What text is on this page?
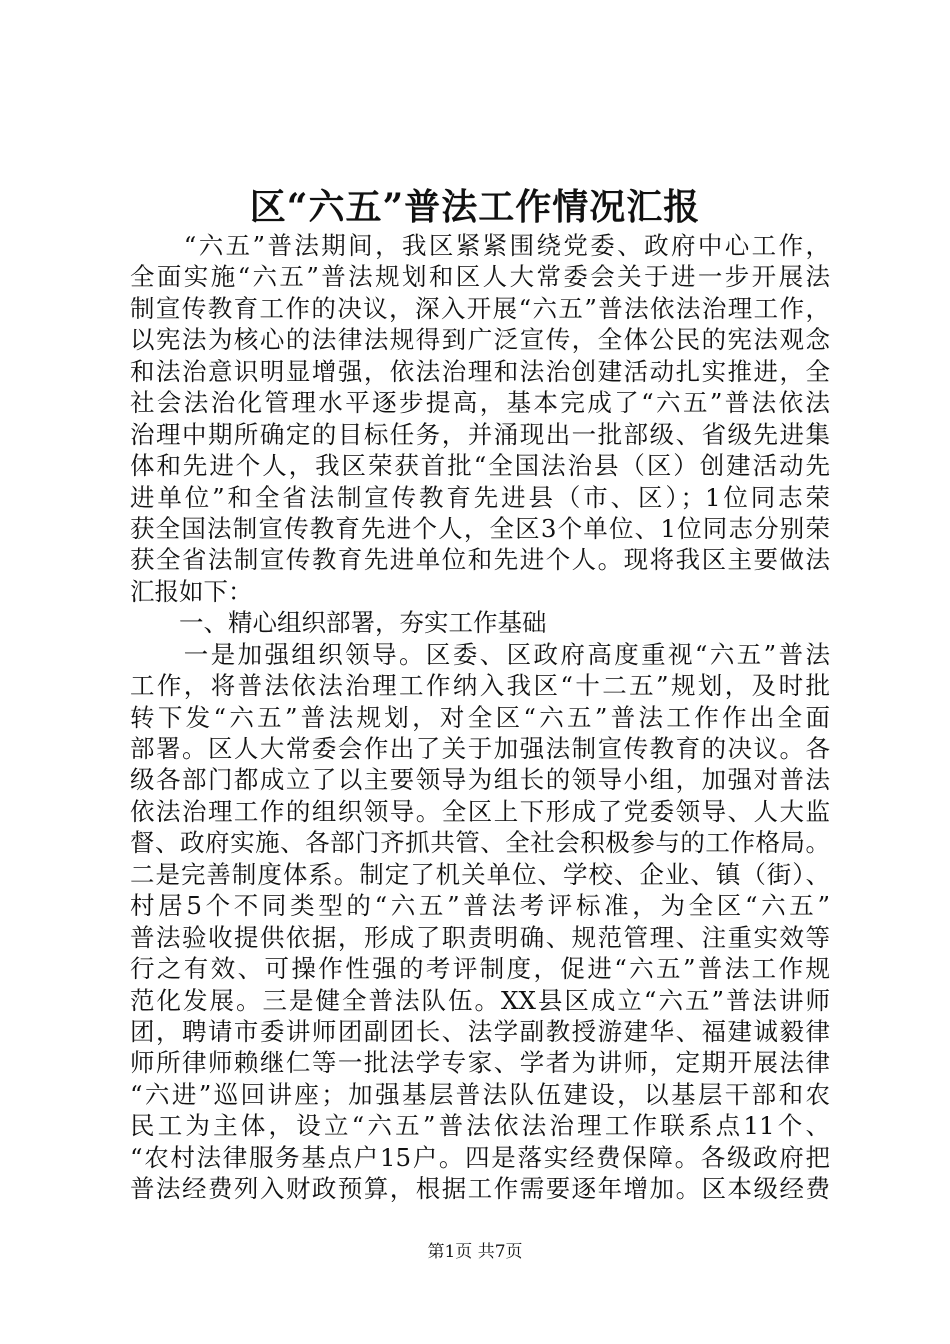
区“六五”普法工作情况汇报
　　“六五”普法期间，我区紧紧围绕党委、政府中心工作，
全面实施“六五”普法规划和区人大常委会关于进一步开展法
制宣传教育工作的决议，深入开展“六五”普法依法治理工作，
以宪法为核心的法律法规得到广泛宣传，全体公民的宪法观念
和法治意识明显增强，依法治理和法治创建活动扎实推进，全
社会法治化管理水平逐步提高，基本完成了“六五”普法依法
治理中期所确定的目标任务，并涌现出一批部级、省级先进集
体和先进个人，我区荣获首批“全国法治县（区）创建活动先
进单位”和全省法制宣传教育先进县（市、区）；1位同志荣
获全国法制宣传教育先进个人，全区3个单位、1位同志分别荣
获全省法制宣传教育先进单位和先进个人。现将我区主要做法
汇报如下：
　　一、精心组织部署，夯实工作基础
　　一是加强组织领导。区委、区政府高度重视“六五”普法
工作，将普法依法治理工作纳入我区“十二五”规划，及时批
转下发“六五”普法规划，对全区“六五”普法工作作出全面
部署。区人大常委会作出了关于加强法制宣传教育的决议。各
级各部门都成立了以主要领导为组长的领导小组，加强对普法
依法治理工作的组织领导。全区上下形成了党委领导、人大监
督、政府实施、各部门齐抓共管、全社会积极参与的工作格局。
二是完善制度体系。制定了机关单位、学校、企业、镇（街）、
村居5个不同类型的“六五”普法考评标准，为全区“六五”
普法验收提供依据，形成了职责明确、规范管理、注重实效等
行之有效、可操作性强的考评制度，促进“六五”普法工作规
范化发展。三是健全普法队伍。XX县区成立“六五”普法讲师
团，聘请市委讲师团副团长、法学副教授游建华、福建诚毅律
师所律师赖继仁等一批法学专家、学者为讲师，定期开展法律
“六进”巡回讲座；加强基层普法队伍建设，以基层干部和农
民工为主体，设立“六五”普法依法治理工作联系点11个、
“农村法律服务基点户15户。四是落实经费保障。各级政府把
普法经费列入财政预算，根据工作需要逐年增加。区本级经费
第1页 共7页
